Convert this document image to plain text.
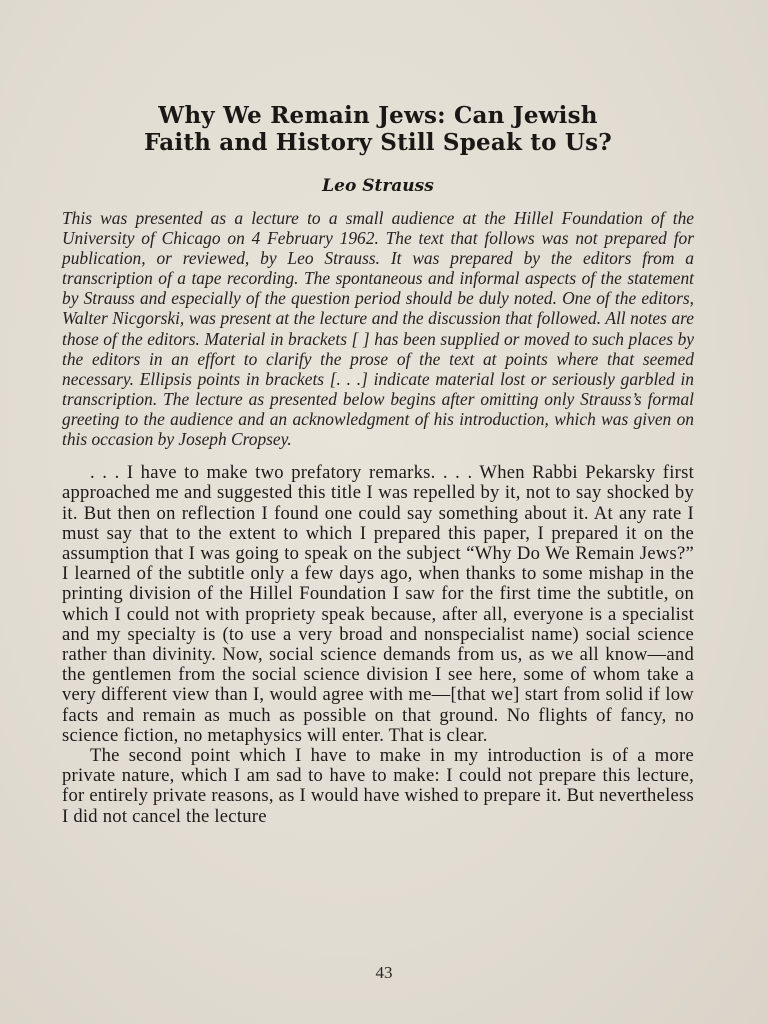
Why We Remain Jews: Can Jewish
Faith and History Still Speak to Us?
Leo Strauss

This was presented as a lecture to a small audience at the Hillel Foundation of the University of Chicago on 4 February 1962. The text that follows was not prepared for publication, or reviewed, by Leo Strauss. It was prepared by the editors from a transcription of a tape recording. The spontaneous and informal aspects of the statement by Strauss and especially of the question period should be duly noted. One of the editors, Walter Nicgorski, was present at the lecture and the discussion that followed. All notes are those of the editors. Material in brackets [ ] has been supplied or moved to such places by the editors in an effort to clarify the prose of the text at points where that seemed necessary. Ellipsis points in brackets [. . .] indicate material lost or seriously garbled in transcription. The lecture as presented below begins after omitting only Strauss’s formal greeting to the audience and an acknowledgment of his introduction, which was given on this occasion by Joseph Cropsey.

. . . I have to make two prefatory remarks. . . . When Rabbi Pekarsky first approached me and suggested this title I was repelled by it, not to say shocked by it. But then on reflection I found one could say something about it. At any rate I must say that to the extent to which I prepared this paper, I prepared it on the assumption that I was going to speak on the subject “Why Do We Remain Jews?” I learned of the subtitle only a few days ago, when thanks to some mishap in the printing division of the Hillel Foundation I saw for the first time the subtitle, on which I could not with propriety speak because, after all, everyone is a specialist and my specialty is (to use a very broad and nonspecialist name) social science rather than divinity. Now, social science demands from us, as we all know—and the gentlemen from the social science division I see here, some of whom take a very different view than I, would agree with me—[that we] start from solid if low facts and remain as much as possible on that ground. No flights of fancy, no science fiction, no metaphysics will enter. That is clear.

The second point which I have to make in my introduction is of a more private nature, which I am sad to have to make: I could not prepare this lecture, for entirely private reasons, as I would have wished to prepare it. But nevertheless I did not cancel the lecture

43
